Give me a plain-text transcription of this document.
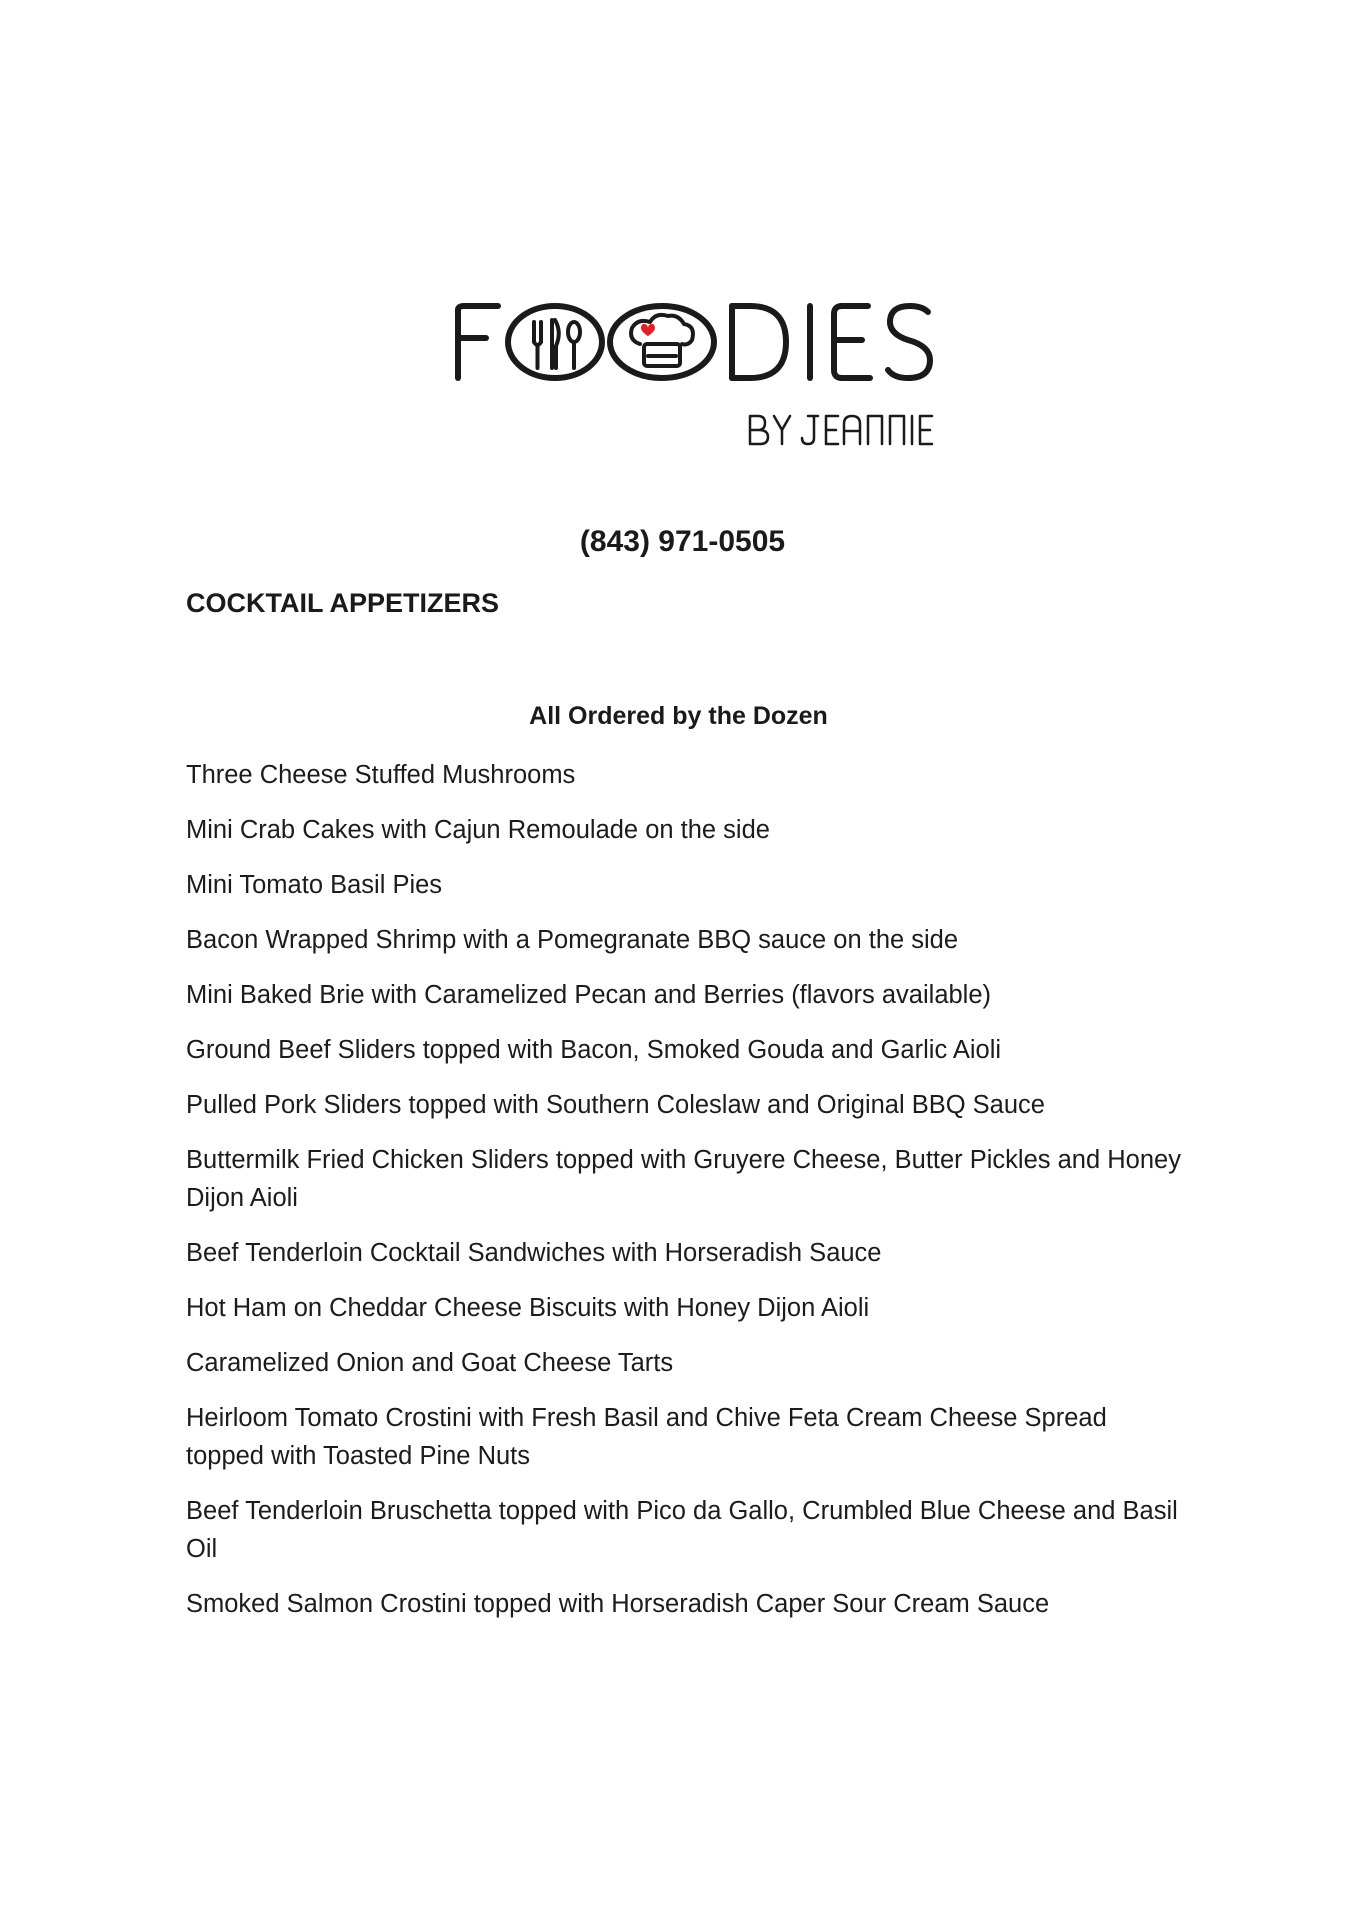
(843) 971-0505
COCKTAIL APPETIZERS
All Ordered by the Dozen
Three Cheese Stuffed Mushrooms
Mini Crab Cakes with Cajun Remoulade on the side
Mini Tomato Basil Pies
Bacon Wrapped Shrimp with a Pomegranate BBQ sauce on the side
Mini Baked Brie with Caramelized Pecan and Berries (flavors available)
Ground Beef Sliders topped with Bacon, Smoked Gouda and Garlic Aioli
Pulled Pork Sliders topped with Southern Coleslaw and Original BBQ Sauce
Buttermilk Fried Chicken Sliders topped with Gruyere Cheese, Butter Pickles and Honey Dijon Aioli
Beef Tenderloin Cocktail Sandwiches with Horseradish Sauce
Hot Ham on Cheddar Cheese Biscuits with Honey Dijon Aioli
Caramelized Onion and Goat Cheese Tarts
Heirloom Tomato Crostini with Fresh Basil and Chive Feta Cream Cheese Spread topped with Toasted Pine Nuts
Beef Tenderloin Bruschetta topped with Pico da Gallo, Crumbled Blue Cheese and Basil Oil
Smoked Salmon Crostini topped with Horseradish Caper Sour Cream Sauce
